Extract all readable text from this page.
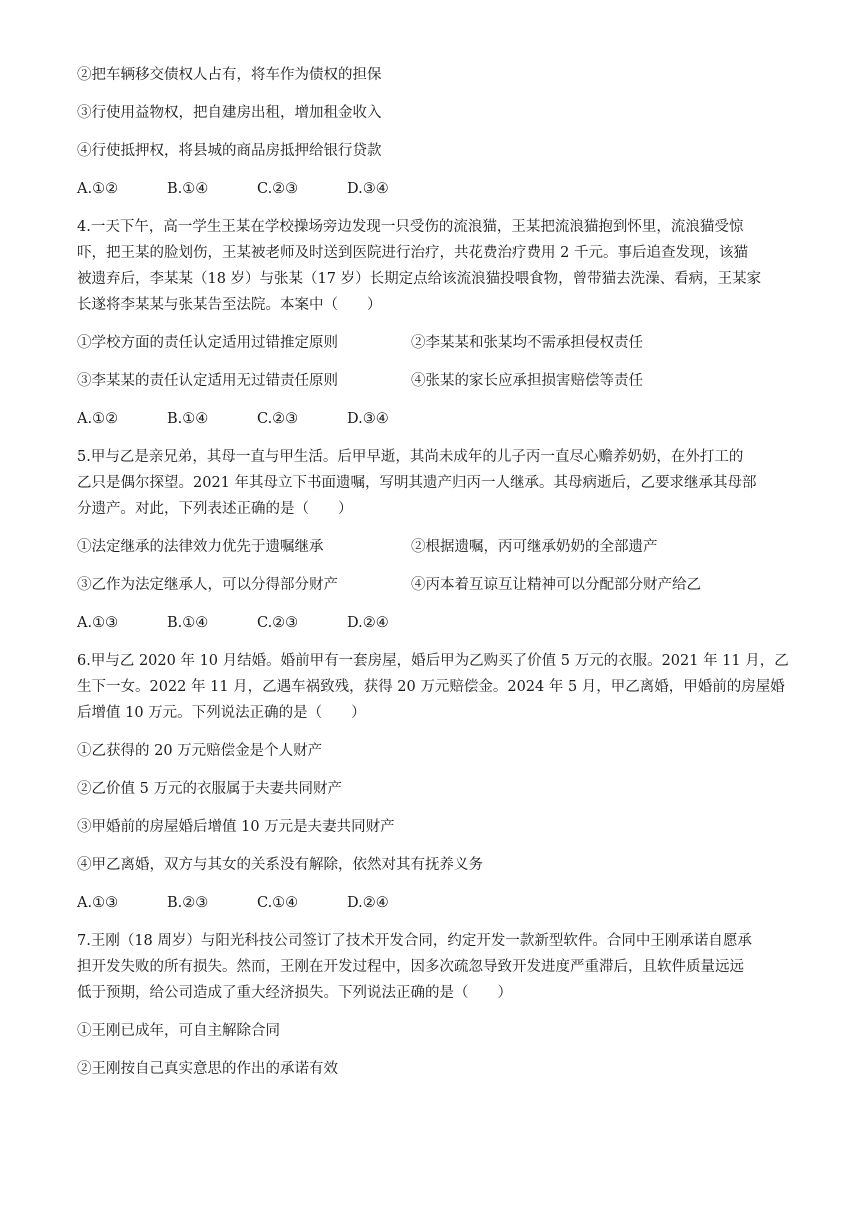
②把车辆移交债权人占有，将车作为债权的担保
③行使用益物权，把自建房出租，增加租金收入
④行使抵押权，将县城的商品房抵押给银行贷款
A.①②	B.①④	C.②③	D.③④
4.一天下午，高一学生王某在学校操场旁边发现一只受伤的流浪猫，王某把流浪猫抱到怀里，流浪猫受惊
吓，把王某的脸划伤，王某被老师及时送到医院进行治疗，共花费治疗费用 2 千元。事后追查发现，该猫
被遗弃后，李某某（18 岁）与张某（17 岁）长期定点给该流浪猫投喂食物，曾带猫去洗澡、看病，王某家
长遂将李某某与张某告至法院。本案中（　　）
①学校方面的责任认定适用过错推定原则	②李某某和张某均不需承担侵权责任
③李某某的责任认定适用无过错责任原则	④张某的家长应承担损害赔偿等责任
A.①②	B.①④	C.②③	D.③④
5.甲与乙是亲兄弟，其母一直与甲生活。后甲早逝，其尚未成年的儿子丙一直尽心赡养奶奶，在外打工的
乙只是偶尔探望。2021 年其母立下书面遗嘱，写明其遗产归丙一人继承。其母病逝后，乙要求继承其母部
分遗产。对此，下列表述正确的是（　　）
①法定继承的法律效力优先于遗嘱继承	②根据遗嘱，丙可继承奶奶的全部遗产
③乙作为法定继承人，可以分得部分财产	④丙本着互谅互让精神可以分配部分财产给乙
A.①③	B.①④	C.②③	D.②④
6.甲与乙 2020 年 10 月结婚。婚前甲有一套房屋，婚后甲为乙购买了价值 5 万元的衣服。2021 年 11 月，乙
生下一女。2022 年 11 月，乙遇车祸致残，获得 20 万元赔偿金。2024 年 5 月，甲乙离婚，甲婚前的房屋婚
后增值 10 万元。下列说法正确的是（　　）
①乙获得的 20 万元赔偿金是个人财产
②乙价值 5 万元的衣服属于夫妻共同财产
③甲婚前的房屋婚后增值 10 万元是夫妻共同财产
④甲乙离婚，双方与其女的关系没有解除，依然对其有抚养义务
A.①③	B.②③	C.①④	D.②④
7.王刚（18 周岁）与阳光科技公司签订了技术开发合同，约定开发一款新型软件。合同中王刚承诺自愿承
担开发失败的所有损失。然而，王刚在开发过程中，因多次疏忽导致开发进度严重滞后，且软件质量远远
低于预期，给公司造成了重大经济损失。下列说法正确的是（　　）
①王刚已成年，可自主解除合同
②王刚按自己真实意思的作出的承诺有效
